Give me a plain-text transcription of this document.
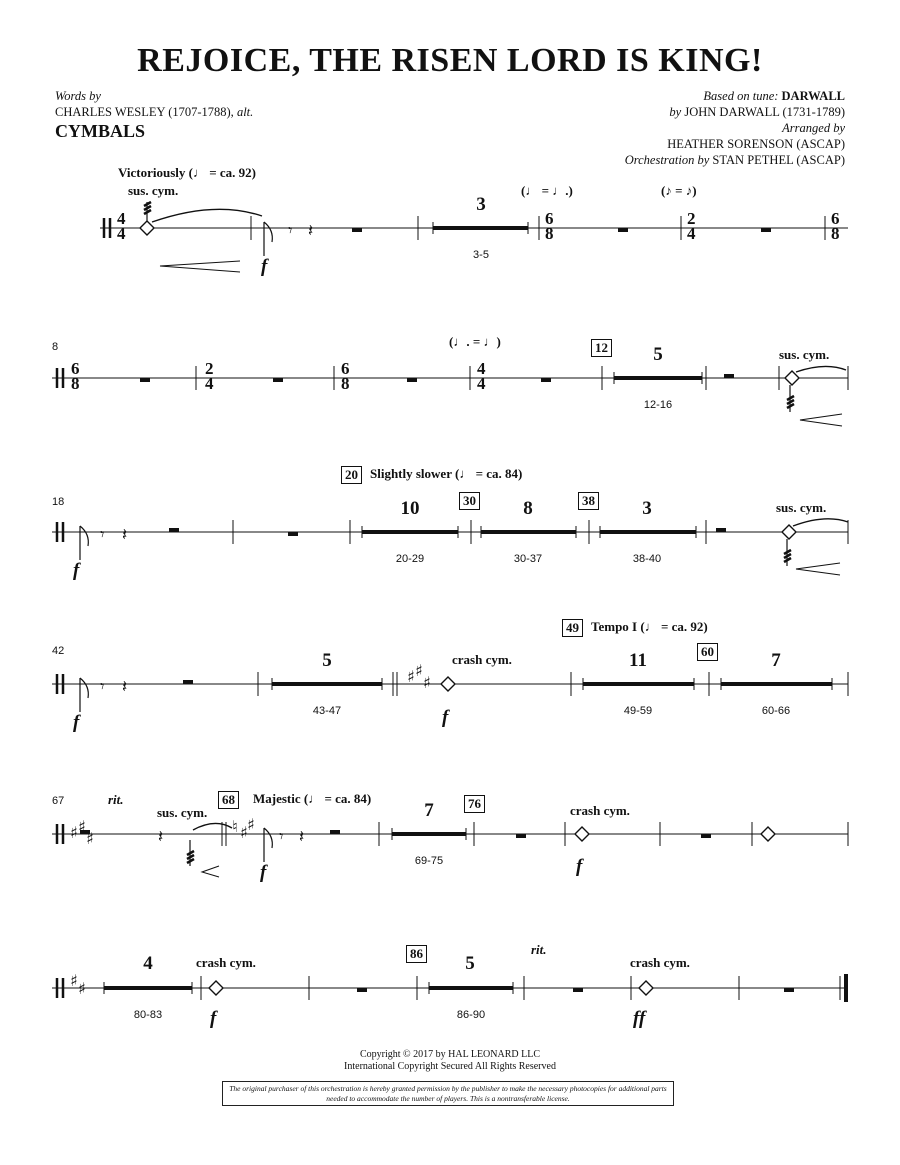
REJOICE, THE RISEN LORD IS KING!
Words by
CHARLES WESLEY (1707-1788), alt.
CYMBALS
Based on tune: DARWALL
by JOHN DARWALL (1731-1789)
Arranged by
HEATHER SORENSON (ASCAP)
Orchestration by STAN PETHEL (ASCAP)
𝄾 𝄽
𝄾 𝄽
𝄾 𝄽
𝄾 𝄽
𝄽
♯ ♯
♯
♯ ♯
♯
♮ ♯ ♯
♯ ♯
4
4
6
8
2
4
6
8
6
8
2
4
6
8
4
4
Victoriously (♩ = ca. 92)
sus. cym.
f
3
3-5
(♩ = ♩.)	(♪ = ♪)
8	(♩. = ♩)	12	5
12-16
sus. cym.
18
20 Slightly slower (♩ = ca. 84)
f
10
20-29
30	8
30-37
38	3
38-40
sus. cym.
42
f
5
43-47
crash cym.
f
49 Tempo I (♩ = ca. 92)
11
49-59
60	7
60-66
67	rit.
sus. cym.
68	Majestic (♩ = ca. 84)
f
7
69-75
76	crash cym.
f
4
80-83
crash cym.
f
86	5
86-90
rit.
crash cym.
ff
Copyright © 2017 by HAL LEONARD LLC
International Copyright Secured All Rights Reserved
The original purchaser of this orchestration is hereby granted permission by the publisher to make the necessary photocopies for additional parts needed to accommodate the number of players. This is a nontransferable license.
